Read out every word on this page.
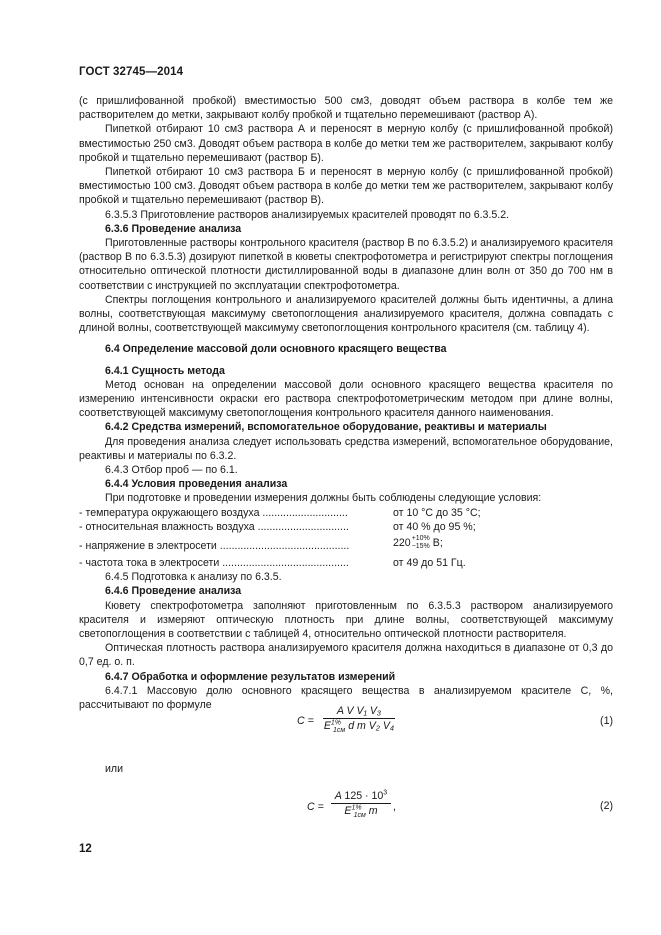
ГОСТ 32745—2014

(с пришлифованной пробкой) вместимостью 500 см3, доводят объем раствора в колбе тем же растворителем до метки, закрывают колбу пробкой и тщательно перемешивают (раствор А).

Пипеткой отбирают 10 см3 раствора А и переносят в мерную колбу (с пришлифованной пробкой) вместимостью 250 см3. Доводят объем раствора в колбе до метки тем же растворителем, закрывают колбу пробкой и тщательно перемешивают (раствор Б).

Пипеткой отбирают 10 см3 раствора Б и переносят в мерную колбу (с пришлифованной пробкой) вместимостью 100 см3. Доводят объем раствора в колбе до метки тем же растворителем, закрывают колбу пробкой и тщательно перемешивают (раствор В).

6.3.5.3 Приготовление растворов анализируемых красителей проводят по 6.3.5.2.

6.3.6 Проведение анализа

Приготовленные растворы контрольного красителя (раствор В по 6.3.5.2) и анализируемого красителя (раствор В по 6.3.5.3) дозируют пипеткой в кюветы спектрофотометра и регистрируют спектры поглощения относительно оптической плотности дистиллированной воды в диапазоне длин волн от 350 до 700 нм в соответствии с инструкцией по эксплуатации спектрофотометра.

Спектры поглощения контрольного и анализируемого красителей должны быть идентичны, а длина волны, соответствующая максимуму светопоглощения анализируемого красителя, должна совпадать с длиной волны, соответствующей максимуму светопоглощения контрольного красителя (см. таблицу 4).

6.4 Определение массовой доли основного красящего вещества

6.4.1 Сущность метода

Метод основан на определении массовой доли основного красящего вещества красителя по измерению интенсивности окраски его раствора спектрофотометрическим методом при длине волны, соответствующей максимуму светопоглощения контрольного красителя данного наименования.

6.4.2 Средства измерений, вспомогательное оборудование, реактивы и материалы

Для проведения анализа следует использовать средства измерений, вспомогательное оборудование, реактивы и материалы по 6.3.2.

6.4.3 Отбор проб — по 6.1.

6.4.4 Условия проведения анализа

При подготовке и проведении измерения должны быть соблюдены следующие условия:

- температура окружающего воздуха .............................	от 10 °С до 35 °С;
- относительная влажность воздуха ...............................	от 40 % до 95 %;
- напряжение в электросети ............................................	220+10%
−15% В;
- частота тока в электросети ...........................................	от 49 до 51 Гц.

6.4.5 Подготовка к анализу по 6.3.5.

6.4.6 Проведение анализа

Кювету спектрофотометра заполняют приготовленным по 6.3.5.3 раствором анализируемого красителя и измеряют оптическую плотность при длине волны, соответствующей максимуму светопоглощения в соответствии с таблицей 4, относительно оптической плотности растворителя.

Оптическая плотность раствора анализируемого красителя должна находиться в диапазоне от 0,3 до 0,7 ед. о. п.

6.4.7 Обработка и оформление результатов измерений

6.4.7.1 Массовую долю основного красящего вещества в анализируемом красителе C, %, рассчитывают по формуле

C =
A V V₁ V₃
$E^{1\%}_{1см}$ d m V₂ V₄	(1)
или
C =
A $125 \cdot 10^3$
$E^{1\%}_{1см}$ m	,	(2)
12
